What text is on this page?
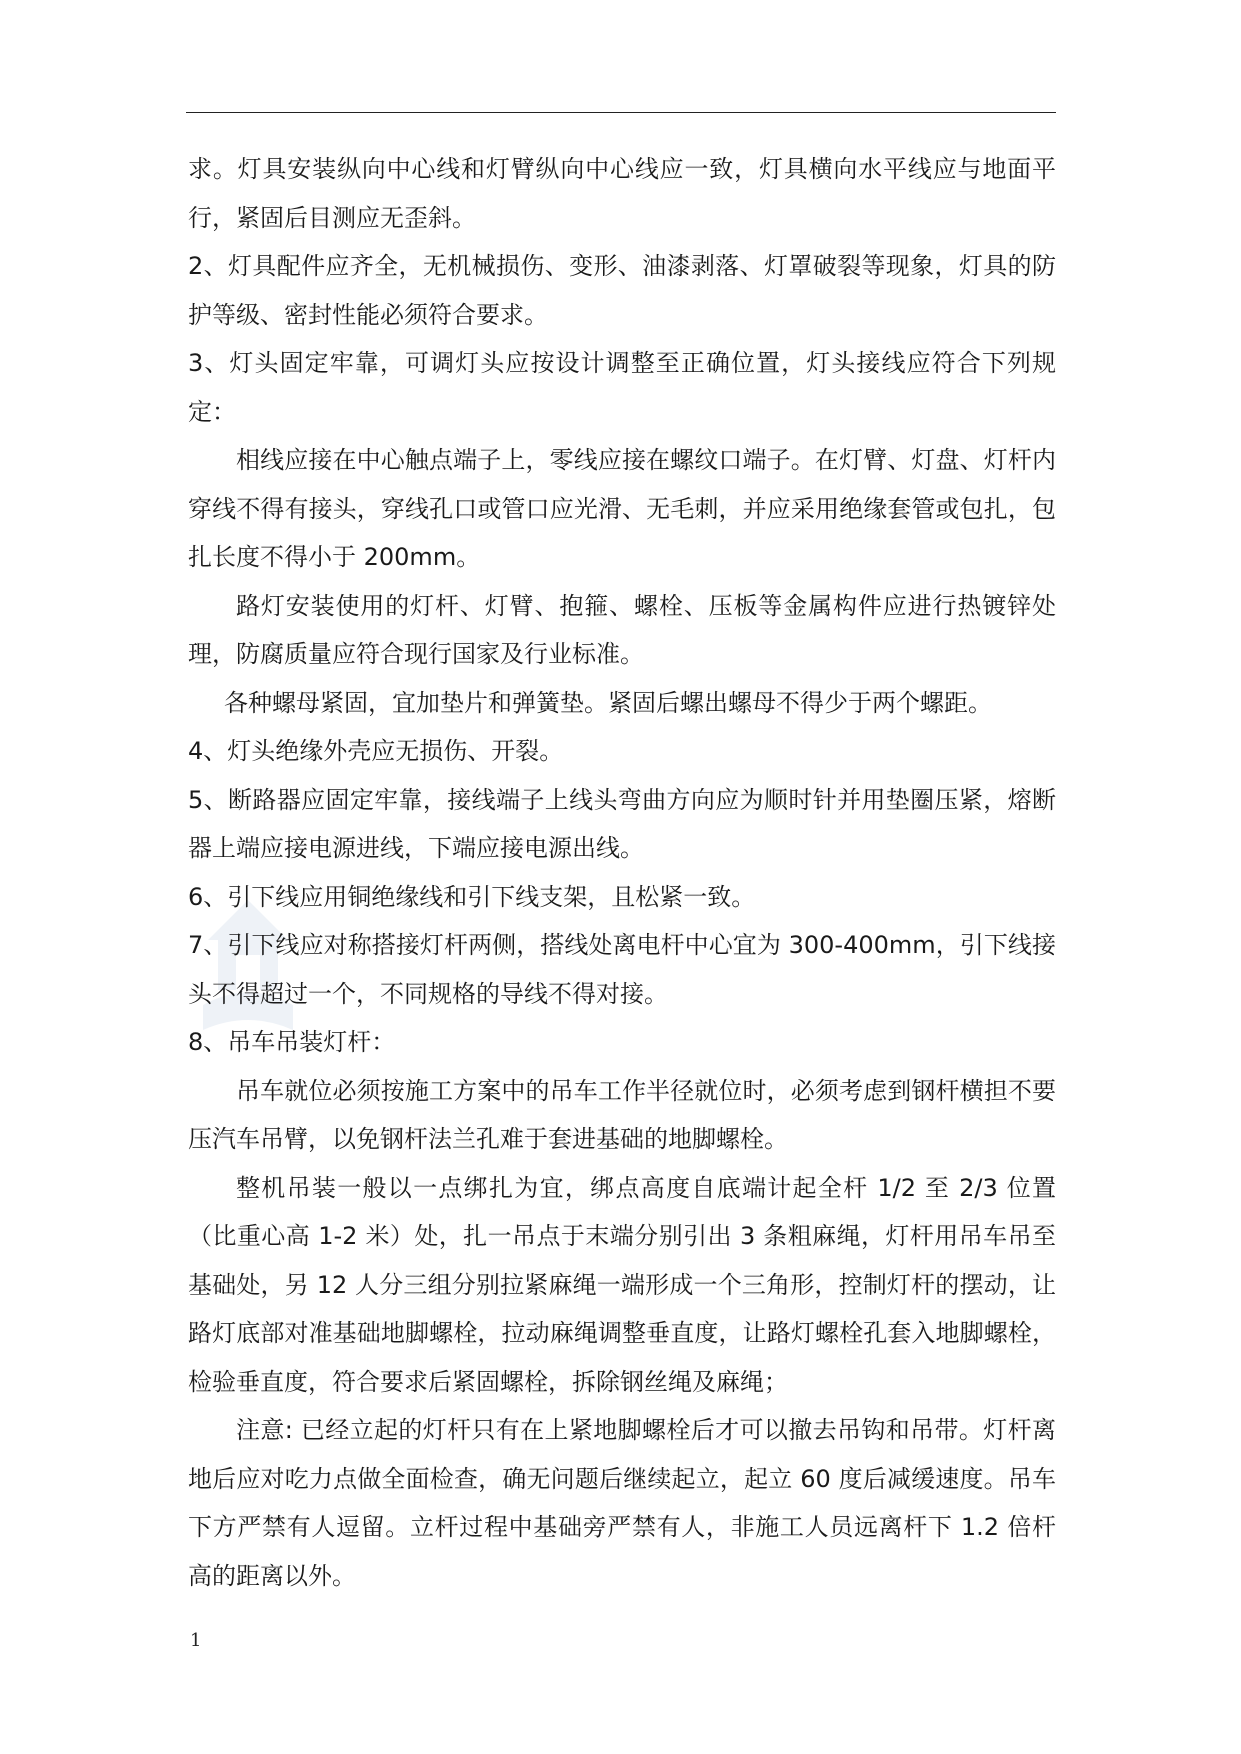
求。灯具安装纵向中心线和灯臂纵向中心线应一致，灯具横向水平线应与地面平行，紧固后目测应无歪斜。

2、灯具配件应齐全，无机械损伤、变形、油漆剥落、灯罩破裂等现象，灯具的防护等级、密封性能必须符合要求。

3、灯头固定牢靠，可调灯头应按设计调整至正确位置，灯头接线应符合下列规定：

相线应接在中心触点端子上，零线应接在螺纹口端子。在灯臂、灯盘、灯杆内穿线不得有接头，穿线孔口或管口应光滑、无毛刺，并应采用绝缘套管或包扎，包扎长度不得小于 200mm。

路灯安装使用的灯杆、灯臂、抱箍、螺栓、压板等金属构件应进行热镀锌处理，防腐质量应符合现行国家及行业标准。

各种螺母紧固，宜加垫片和弹簧垫。紧固后螺出螺母不得少于两个螺距。

4、灯头绝缘外壳应无损伤、开裂。

5、断路器应固定牢靠，接线端子上线头弯曲方向应为顺时针并用垫圈压紧，熔断器上端应接电源进线，下端应接电源出线。

6、引下线应用铜绝缘线和引下线支架，且松紧一致。

7、引下线应对称搭接灯杆两侧，搭线处离电杆中心宜为 300-400mm，引下线接头不得超过一个，不同规格的导线不得对接。

8、吊车吊装灯杆：

吊车就位必须按施工方案中的吊车工作半径就位时，必须考虑到钢杆横担不要压汽车吊臂，以免钢杆法兰孔难于套进基础的地脚螺栓。

整机吊装一般以一点绑扎为宜，绑点高度自底端计起全杆 1/2 至 2/3 位置（比重心高 1-2 米）处，扎一吊点于末端分别引出 3 条粗麻绳，灯杆用吊车吊至基础处，另 12 人分三组分别拉紧麻绳一端形成一个三角形，控制灯杆的摆动，让路灯底部对准基础地脚螺栓，拉动麻绳调整垂直度，让路灯螺栓孔套入地脚螺栓，检验垂直度，符合要求后紧固螺栓，拆除钢丝绳及麻绳；

注意: 已经立起的灯杆只有在上紧地脚螺栓后才可以撤去吊钩和吊带。灯杆离地后应对吃力点做全面检查，确无问题后继续起立，起立 60 度后减缓速度。吊车下方严禁有人逗留。立杆过程中基础旁严禁有人，非施工人员远离杆下 1.2 倍杆高的距离以外。

1
